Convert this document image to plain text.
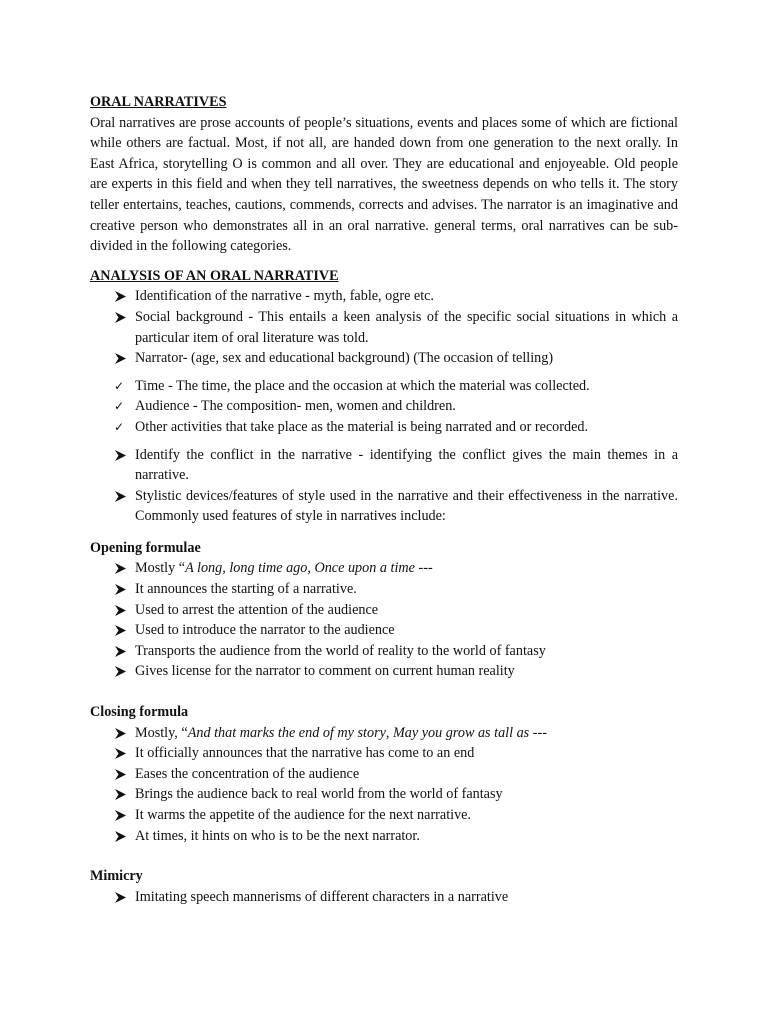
ORAL NARRATIVES

Oral narratives are prose accounts of people’s situations, events and places some of which are fictional while others are factual. Most, if not all, are handed down from one generation to the next orally. In East Africa, storytelling O is common and all over. They are educational and enjoyeable. Old people are experts in this field and when they tell narratives, the sweetness depends on who tells it. The story teller entertains, teaches, cautions, commends, corrects and advises. The narrator is an imaginative and creative person who demonstrates all in an oral narrative. general terms, oral narratives can be sub-divided in the following categories.

ANALYSIS OF AN ORAL NARRATIVE

Identification of the narrative - myth, fable, ogre etc.
Social background - This entails a keen analysis of the specific social situations in which a particular item of oral literature was told.
Narrator- (age, sex and educational background) (The occasion of telling)
✓ Time - The time, the place and the occasion at which the material was collected.
✓ Audience - The composition- men, women and children.
✓ Other activities that take place as the material is being narrated and or recorded.
Identify the conflict in the narrative - identifying the conflict gives the main themes in a narrative.
Stylistic devices/features of style used in the narrative and their effectiveness in the narrative. Commonly used features of style in narratives include:

Opening formulae

Mostly “A long, long time ago, Once upon a time ---
It announces the starting of a narrative.
Used to arrest the attention of the audience
Used to introduce the narrator to the audience
Transports the audience from the world of reality to the world of fantasy
Gives license for the narrator to comment on current human reality

Closing formula

Mostly, “And that marks the end of my story, May you grow as tall as ---
It officially announces that the narrative has come to an end
Eases the concentration of the audience
Brings the audience back to real world from the world of fantasy
It warms the appetite of the audience for the next narrative.
At times, it hints on who is to be the next narrator.

Mimicry

Imitating speech mannerisms of different characters in a narrative
